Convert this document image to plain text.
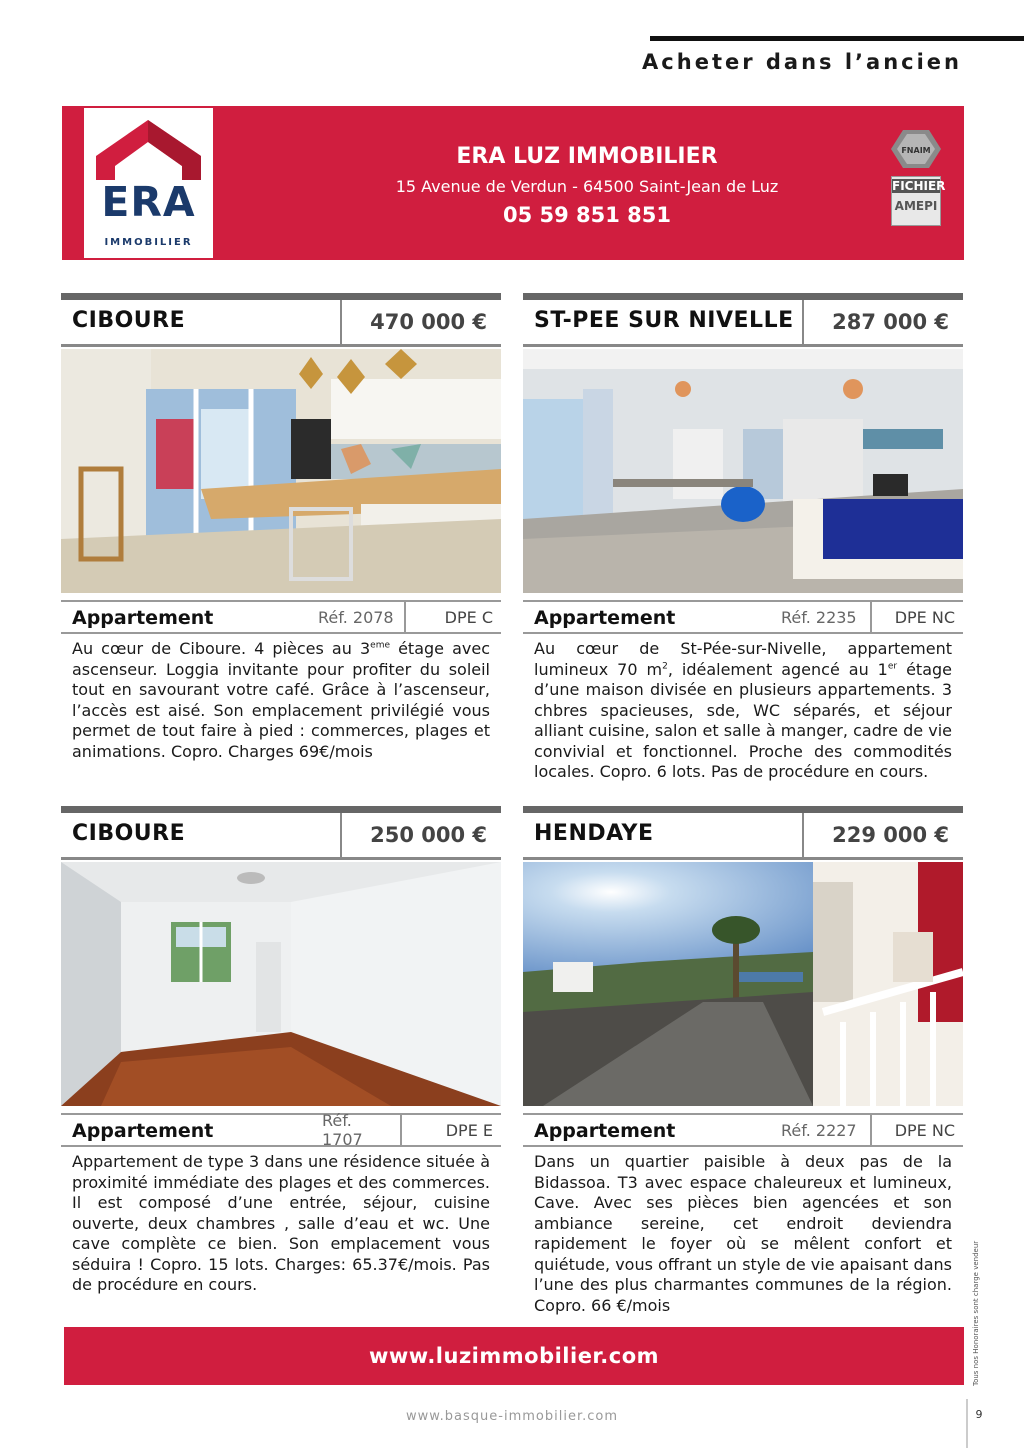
Acheter dans l’ancien
ERA
IMMOBILIER
ERA LUZ IMMOBILIER
15 Avenue de Verdun - 64500 Saint-Jean de Luz
05 59 851 851
FNAIM
FICHIER
AMEPI
CIBOURE	470 000 €
Appartement	Réf. 2078	DPE C
Au cœur de Ciboure. 4 pièces au 3eme étage avec ascenseur. Loggia invitante pour profiter du soleil tout en savourant votre café. Grâce à l’ascenseur, l’accès est aisé. Son emplacement privilégié vous permet de tout faire à pied : commerces, plages et animations. Copro. Charges 69€/mois
ST-PEE SUR NIVELLE	287 000 €
Appartement	Réf. 2235	DPE NC
Au cœur de St-Pée-sur-Nivelle, appartement lumineux 70 $m^2$, idéalement agencé au 1er étage d’une maison divisée en plusieurs appartements. 3 chbres spacieuses, sde, WC séparés, et séjour alliant cuisine, salon et salle à manger, cadre de vie convivial et fonctionnel. Proche des commodités locales. Copro. 6 lots. Pas de procédure en cours.
CIBOURE	250 000 €
Appartement	Réf. 1707	DPE E
Appartement de type 3 dans une résidence située à proximité immédiate des plages et des commerces. Il est composé d’une entrée, séjour, cuisine ouverte, deux chambres , salle d’eau et wc. Une cave complète ce bien. Son emplacement vous séduira ! Copro. 15 lots. Charges: 65.37€/mois. Pas de procédure en cours.
HENDAYE	229 000 €
Appartement	Réf. 2227	DPE NC
Dans un quartier paisible à deux pas de la Bidassoa. T3 avec espace chaleureux et lumineux, Cave. Avec ses pièces bien agencées et son ambiance sereine, cet endroit deviendra rapidement le foyer où se mêlent confort et quiétude, vous offrant un style de vie apaisant dans l’une des plus charmantes communes de la région. Copro. 66 €/mois
www.luzimmobilier.com
www.basque-immobilier.com	9
Tous nos Honoraires sont charge vendeur
